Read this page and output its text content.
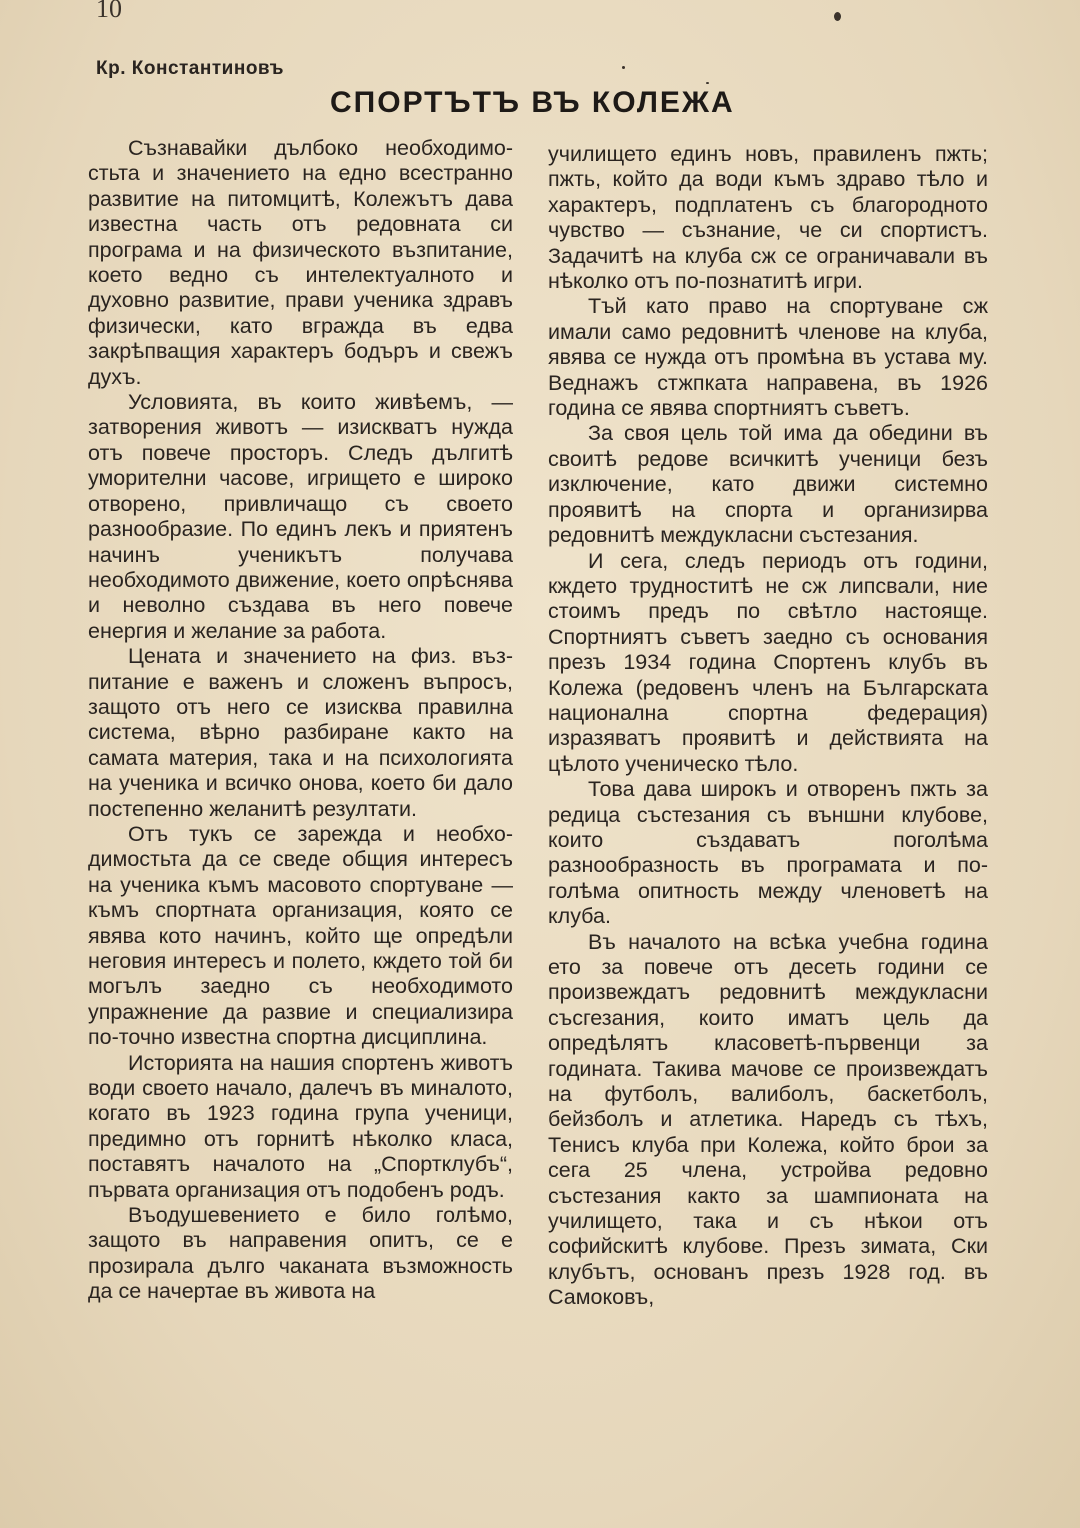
10
Кр. Константиновъ
СПОРТЪТЪ ВЪ КОЛЕЖА

Съзнавайки дълбоко необходимостьта и значението на едно всестранно развитие на питомцитѣ, Колежътъ дава известна часть отъ редовната си програма и на физическото възпитание, което ведно съ интелектуалното и духовно развитие, прави ученика здравъ физически, като вгражда въ едва закрѣпващия характеръ бодъръ и свежъ духъ.

Условията, въ които живѣемъ, — затворения животъ — изискватъ нужда отъ повече просторъ. Следъ дългитѣ уморителни часове, игрището е широко отворено, привличащо съ своето разнообразие. По единъ лекъ и приятенъ начинъ ученикътъ получава необходимото движение, което опрѣснява и неволно създава въ него повече енергия и желание за работа.

Цената и значението на физ. възпитание е важенъ и сложенъ въпросъ, защото отъ него се изисква правилна система, вѣрно разбиране както на самата материя, така и на психологията на ученика и всичко онова, което би дало постепенно желанитѣ резултати.

Отъ тукъ се зарежда и необходимостьта да се сведе общия интересъ на ученика къмъ масовото спортуване — къмъ спортната организация, която се явява кото начинъ, който ще опредѣли неговия интересъ и полето, кждето той би могълъ заедно съ необходимото упражнение да развие и специализира по-точно известна спортна дисциплина.

Историята на нашия спортенъ животъ води своето начало, далечъ въ миналото, когато въ 1923 година група ученици, предимно отъ горнитѣ нѣколко класа, поставятъ началото на „Спортклубъ“, първата организация отъ подобенъ родъ.

Въодушевението е било голѣмо, защото въ направения опитъ, се е прозирала дълго чаканата възможность да се начертае въ живота на

училището единъ новъ, правиленъ пжть; пжть, който да води къмъ здраво тѣло и характеръ, подплатенъ съ благородното чувство — съзнание, че си спортистъ. Задачитѣ на клуба сж се ограничавали въ нѣколко отъ по-познатитѣ игри.

Тъй като право на спортуване сж имали само редовнитѣ членове на клуба, явява се нужда отъ промѣна въ устава му. Веднажъ стжпката направена, въ 1926 година се явява спортниятъ съветъ.

За своя цель той има да обедини въ своитѣ редове всичкитѣ ученици безъ изключение, като движи системно проявитѣ на спорта и организирва редовнитѣ междукласни състезания.

И сега, следъ периодъ отъ години, кждето трудноститѣ не сж липсвали, ние стоимъ предъ по свѣтло настояще. Спортниятъ съветъ заедно съ основания презъ 1934 година Спортенъ клубъ въ Колежа (редовенъ членъ на Българската национална спортна федерация) изразяватъ проявитѣ и действията на цѣлото ученическо тѣло.

Това дава широкъ и отворенъ пжть за редица състезания съ външни клубове, които създаватъ поголѣма разнообразность въ програмата и по-голѣма опитность между членоветѣ на клуба.

Въ началото на всѣка учебна година ето за повече отъ десеть години се произвеждатъ редовнитѣ междукласни съсгезания, които иматъ цель да опредѣлятъ класоветѣ-първенци за годината. Такива мачове се произвеждатъ на футболъ, валиболъ, баскетболъ, бейзболъ и атлетика. Наредъ съ тѣхъ, Тенисъ клуба при Колежа, който брои за сега 25 члена, устройва редовно състезания както за шампионата на училището, така и съ нѣкои отъ софийскитѣ клубове. Презъ зимата, Ски клубътъ, основанъ презъ 1928 год. въ Самоковъ,
